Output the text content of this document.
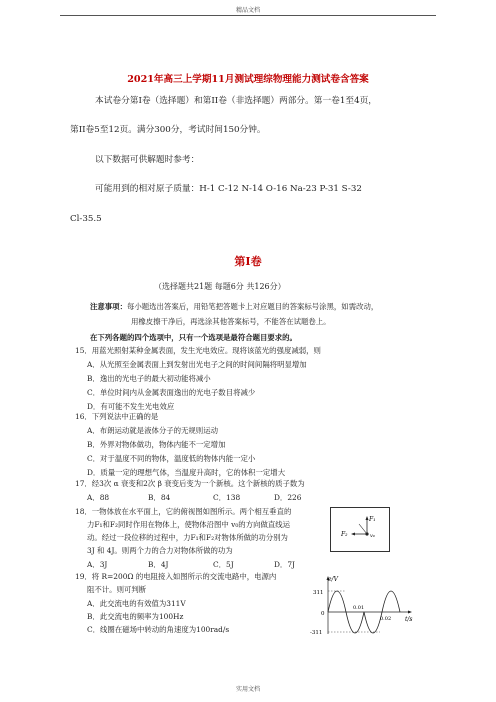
精品文档
2021年高三上学期11月测试理综物理能力测试卷含答案
本试卷分第I卷（选择题）和第II卷（非选择题）两部分。第一卷1至4页，
第II卷5至12页。满分300分，考试时间150分钟。
以下数据可供解题时参考：
可能用到的相对原子质量：H-1 C-12 N-14 O-16 Na-23 P-31 S-32
Cl-35.5
第I卷
（选择题共21题 每题6分 共126分）
注意事项：每小题选出答案后，用铅笔把答题卡上对应题目的答案标号涂黑，如需改动，
用橡皮擦干净后，再选涂其他答案标号，不能答在试题卷上。
在下列各题的四个选项中，只有一个选项是最符合题目要求的。
15．用蓝光照射某种金属表面，发生光电效应。现将该蓝光的强度减弱，则
A．从光照至金属表面上到发射出光电子之间的时间间隔将明显增加
B．逸出的光电子的最大初动能将减小
C．单位时间内从金属表面逸出的光电子数目将减少
D．有可能不发生光电效应
16．下列说法中正确的是
A．布朗运动就是液体分子的无规则运动
B．外界对物体做功，物体内能不一定增加
C．对于温度不同的物体，温度低的物体内能一定小
D．质量一定的理想气体，当温度升高时，它的体积一定增大
17．经3次 α 衰变和2次 β 衰变后变为一个新核。这个新核的质子数为
A．88	B．84	C．138	D．226
18．一物体放在水平面上，它的俯视图如图所示。两个相互垂直的
力F₁和F₂同时作用在物体上，使物体沿图中 v₀的方向做直线运
动。经过一段位移的过程中，力F₁和F₂对物体所做的功分别为
3J 和 4J。则两个力的合力对物体所做的功为
A．3J	B．4J	C．5J	D．7J
F₁
F₂	v₀
19．将 R=200Ω 的电阻接入如图所示的交流电路中，电源内
阻不计。则可判断
A．此交流电的有效值为311V
B．此交流电的频率为100Hz
C．线圈在磁场中转动的角速度为100rad/s
e/V
t/s
311
-311
0
0.01
0.02
实用文档
